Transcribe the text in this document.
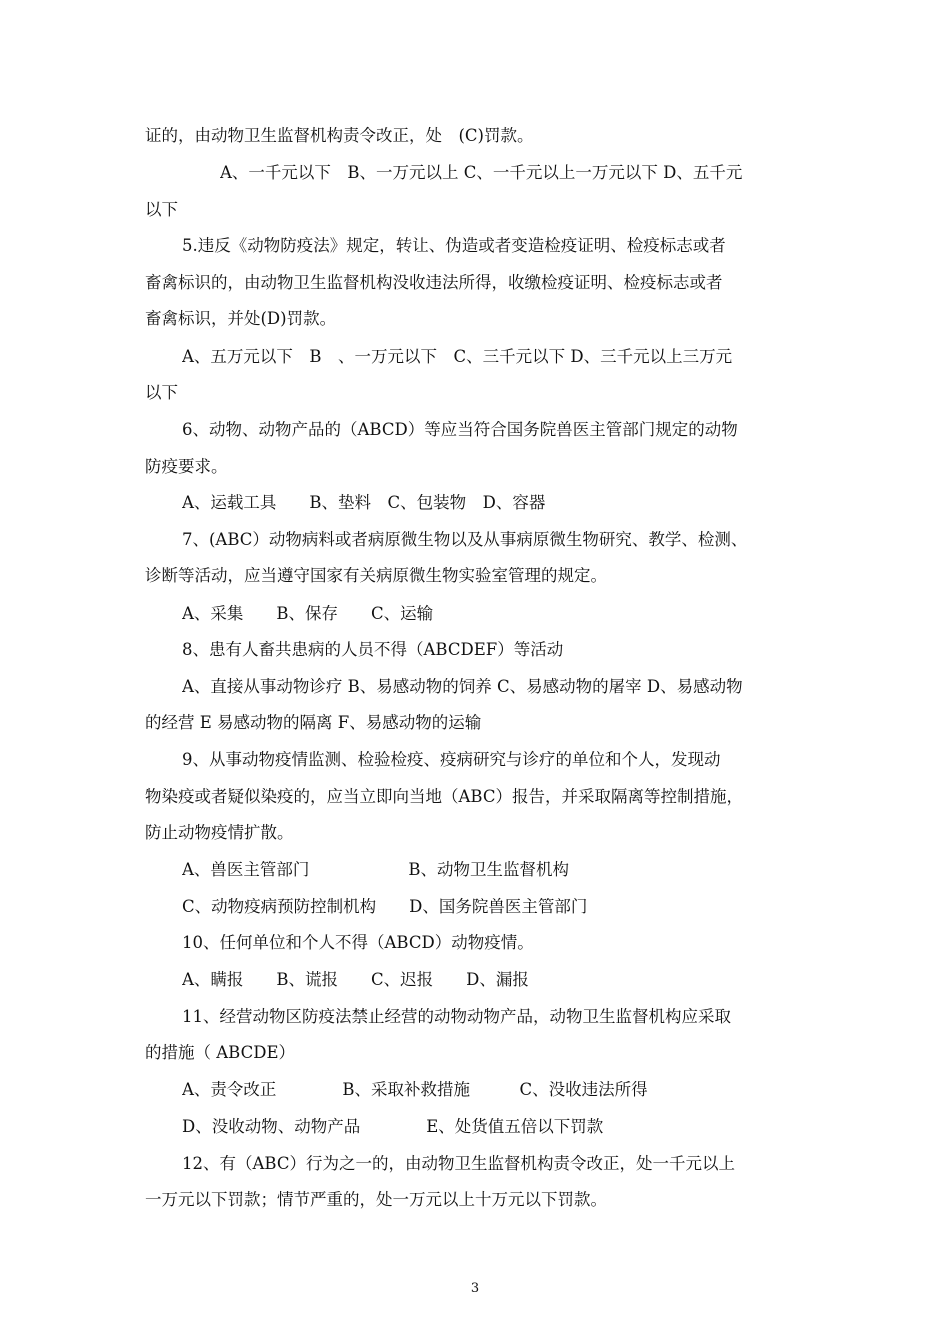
证的，由动物卫生监督机构责令改正，处　(C)罚款。
A、一千元以下　B、一万元以上 C、一千元以上一万元以下 D、五千元
以下
5.违反《动物防疫法》规定，转让、伪造或者变造检疫证明、检疫标志或者
畜禽标识的，由动物卫生监督机构没收违法所得，收缴检疫证明、检疫标志或者
畜禽标识，并处(D)罚款。
A、五万元以下　B　、一万元以下　C、三千元以下 D、三千元以上三万元
以下
6、动物、动物产品的（ABCD）等应当符合国务院兽医主管部门规定的动物
防疫要求。
A、运载工具　　B、垫料　C、包装物　D、容器
7、(ABC）动物病料或者病原微生物以及从事病原微生物研究、教学、检测、
诊断等活动，应当遵守国家有关病原微生物实验室管理的规定。
A、采集　　B、保存　　C、运输
8、患有人畜共患病的人员不得（ABCDEF）等活动
A、直接从事动物诊疗 B、易感动物的饲养 C、易感动物的屠宰 D、易感动物
的经营 E 易感动物的隔离 F、易感动物的运输
9、从事动物疫情监测、检验检疫、疫病研究与诊疗的单位和个人，发现动
物染疫或者疑似染疫的，应当立即向当地（ABC）报告，并采取隔离等控制措施，
防止动物疫情扩散。
A、兽医主管部门　　　　　　B、动物卫生监督机构
C、动物疫病预防控制机构　　D、国务院兽医主管部门
10、任何单位和个人不得（ABCD）动物疫情。
A、瞒报　　B、谎报　　C、迟报　　D、漏报
11、经营动物区防疫法禁止经营的动物动物产品，动物卫生监督机构应采取
的措施（ ABCDE）
A、责令改正　　　　B、采取补救措施　　　C、没收违法所得
D、没收动物、动物产品　　　　E、处货值五倍以下罚款
12、有（ABC）行为之一的，由动物卫生监督机构责令改正，处一千元以上
一万元以下罚款；情节严重的，处一万元以上十万元以下罚款。
3
